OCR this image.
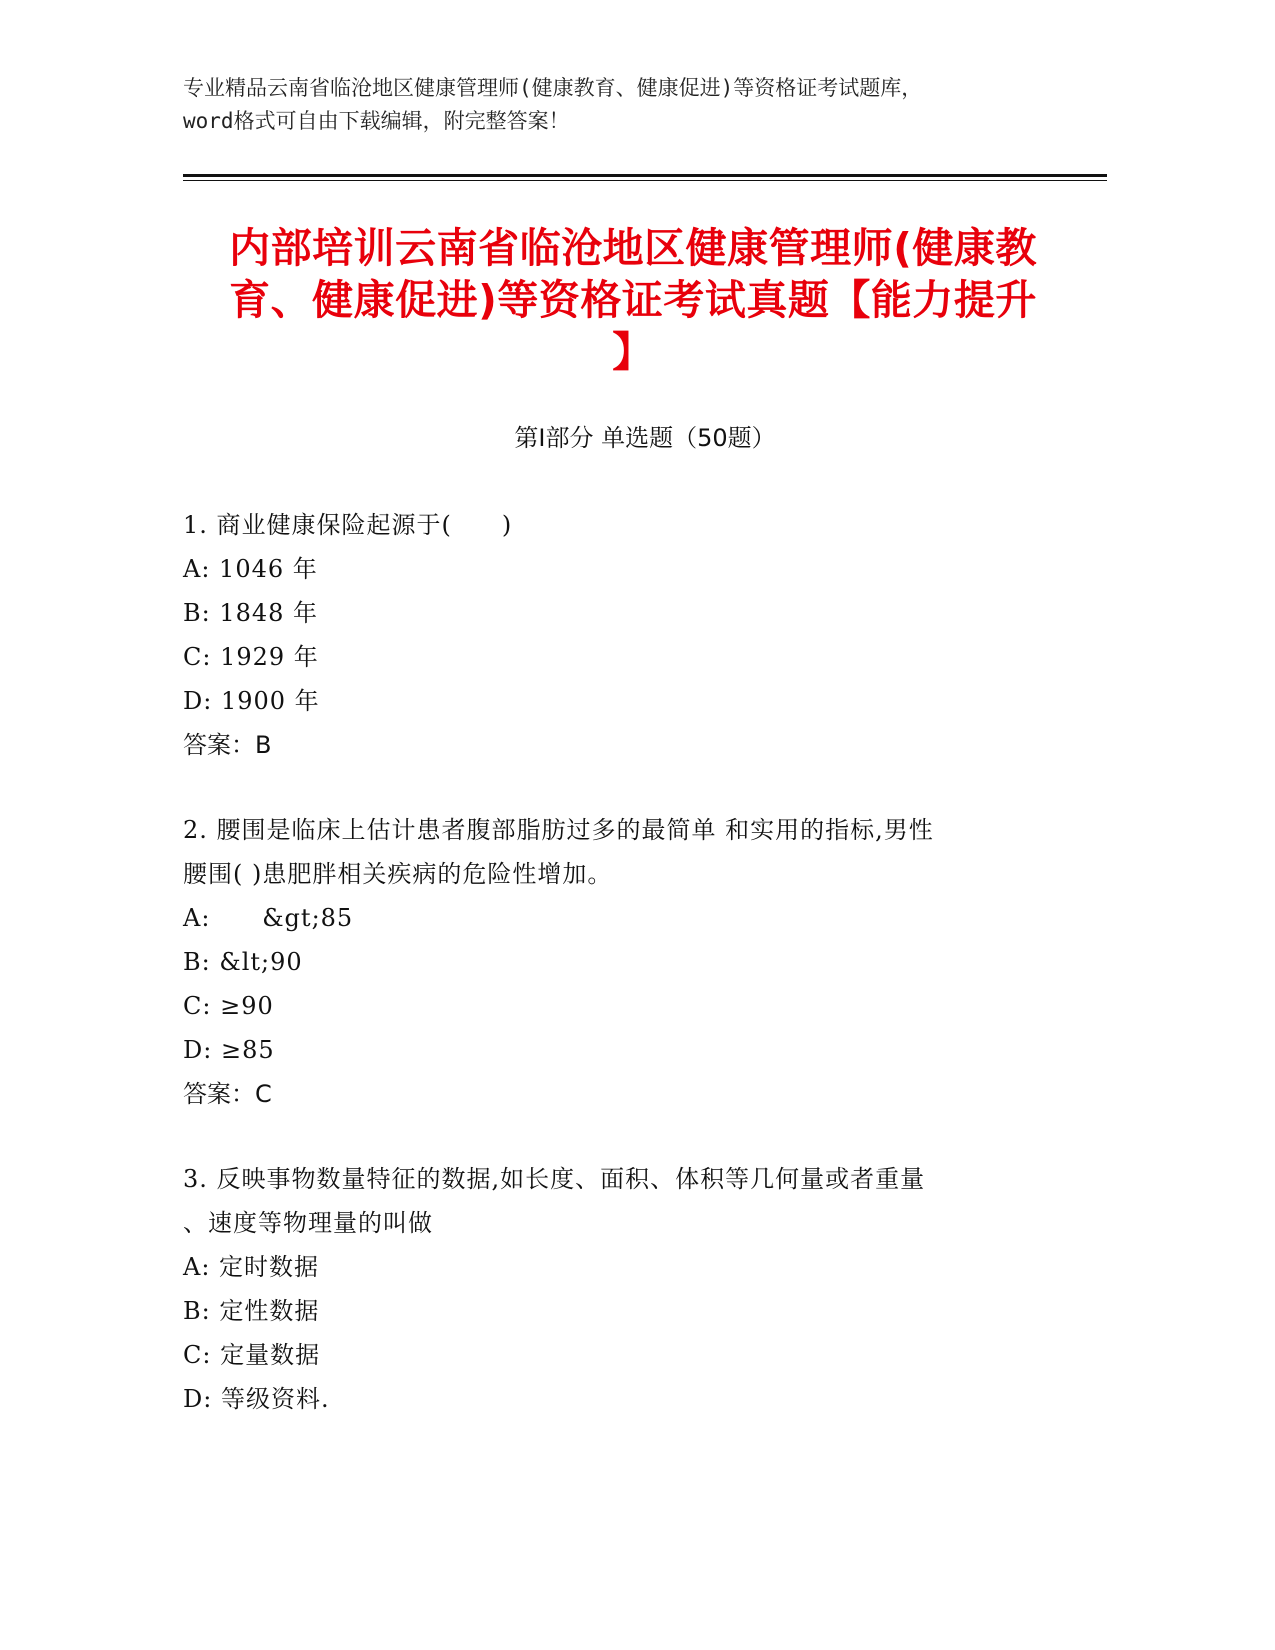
专业精品云南省临沧地区健康管理师(健康教育、健康促进)等资格证考试题库，
word格式可自由下载编辑，附完整答案！
内部培训云南省临沧地区健康管理师(健康教
育、健康促进)等资格证考试真题【能力提升
】
第Ⅰ部分 单选题（50题）
1. 商业健康保险起源于(　　)
A: 1046 年
B: 1848 年
C: 1929 年
D: 1900 年
答案：B
2. 腰围是临床上估计患者腹部脂肪过多的最简单 和实用的指标,男性
腰围( )患肥胖相关疾病的危险性增加。
A:      &gt;85
B: &lt;90
C: ≥90
D: ≥85
答案：C
3. 反映事物数量特征的数据,如长度、面积、体积等几何量或者重量
、速度等物理量的叫做
A: 定时数据
B: 定性数据
C: 定量数据
D: 等级资料.
